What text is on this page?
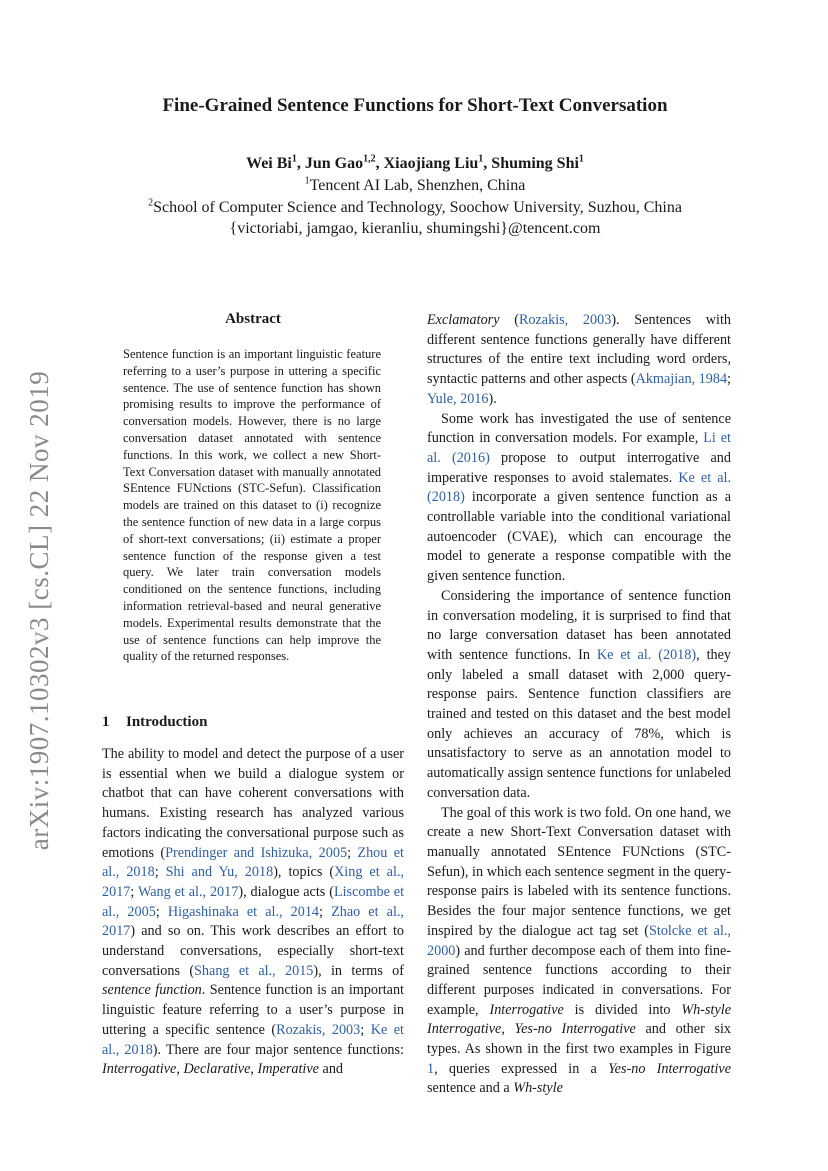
arXiv:1907.10302v3 [cs.CL] 22 Nov 2019
Fine-Grained Sentence Functions for Short-Text Conversation
Wei Bi$^1$, Jun Gao$^{1,2}$, Xiaojiang Liu$^1$, Shuming Shi$^1$
$^1$Tencent AI Lab, Shenzhen, China
$^2$School of Computer Science and Technology, Soochow University, Suzhou, China
{victoriabi, jamgao, kieranliu, shumingshi}@tencent.com
Abstract
Sentence function is an important linguistic feature referring to a user’s purpose in uttering a specific sentence. The use of sentence function has shown promising results to improve the performance of conversation models. However, there is no large conversation dataset annotated with sentence functions. In this work, we collect a new Short-Text Conversation dataset with manually annotated SEntence FUNctions (STC-Sefun). Classification models are trained on this dataset to (i) recognize the sentence function of new data in a large corpus of short-text conversations; (ii) estimate a proper sentence function of the response given a test query. We later train conversation models conditioned on the sentence functions, including information retrieval-based and neural generative models. Experimental results demonstrate that the use of sentence functions can help improve the quality of the returned responses.
1 Introduction

The ability to model and detect the purpose of a user is essential when we build a dialogue system or chatbot that can have coherent conversations with humans. Existing research has analyzed various factors indicating the conversational purpose such as emotions (Prendinger and Ishizuka, 2005; Zhou et al., 2018; Shi and Yu, 2018), topics (Xing et al., 2017; Wang et al., 2017), dialogue acts (Liscombe et al., 2005; Higashinaka et al., 2014; Zhao et al., 2017) and so on. This work describes an effort to understand conversations, especially short-text conversations (Shang et al., 2015), in terms of sentence function. Sentence function is an important linguistic feature referring to a user’s purpose in uttering a specific sentence (Rozakis, 2003; Ke et al., 2018). There are four major sentence functions: Interrogative, Declarative, Imperative and

Exclamatory (Rozakis, 2003). Sentences with different sentence functions generally have different structures of the entire text including word orders, syntactic patterns and other aspects (Akmajian, 1984; Yule, 2016).

Some work has investigated the use of sentence function in conversation models. For example, Li et al. (2016) propose to output interrogative and imperative responses to avoid stalemates. Ke et al. (2018) incorporate a given sentence function as a controllable variable into the conditional variational autoencoder (CVAE), which can encourage the model to generate a response compatible with the given sentence function.

Considering the importance of sentence function in conversation modeling, it is surprised to find that no large conversation dataset has been annotated with sentence functions. In Ke et al. (2018), they only labeled a small dataset with 2,000 query-response pairs. Sentence function classifiers are trained and tested on this dataset and the best model only achieves an accuracy of 78%, which is unsatisfactory to serve as an annotation model to automatically assign sentence functions for unlabeled conversation data.

The goal of this work is two fold. On one hand, we create a new Short-Text Conversation dataset with manually annotated SEntence FUNctions (STC-Sefun), in which each sentence segment in the query-response pairs is labeled with its sentence functions. Besides the four major sentence functions, we get inspired by the dialogue act tag set (Stolcke et al., 2000) and further decompose each of them into fine-grained sentence functions according to their different purposes indicated in conversations. For example, Interrogative is divided into Wh-style Interrogative, Yes-no Interrogative and other six types. As shown in the first two examples in Figure 1, queries expressed in a Yes-no Interrogative sentence and a Wh-style
